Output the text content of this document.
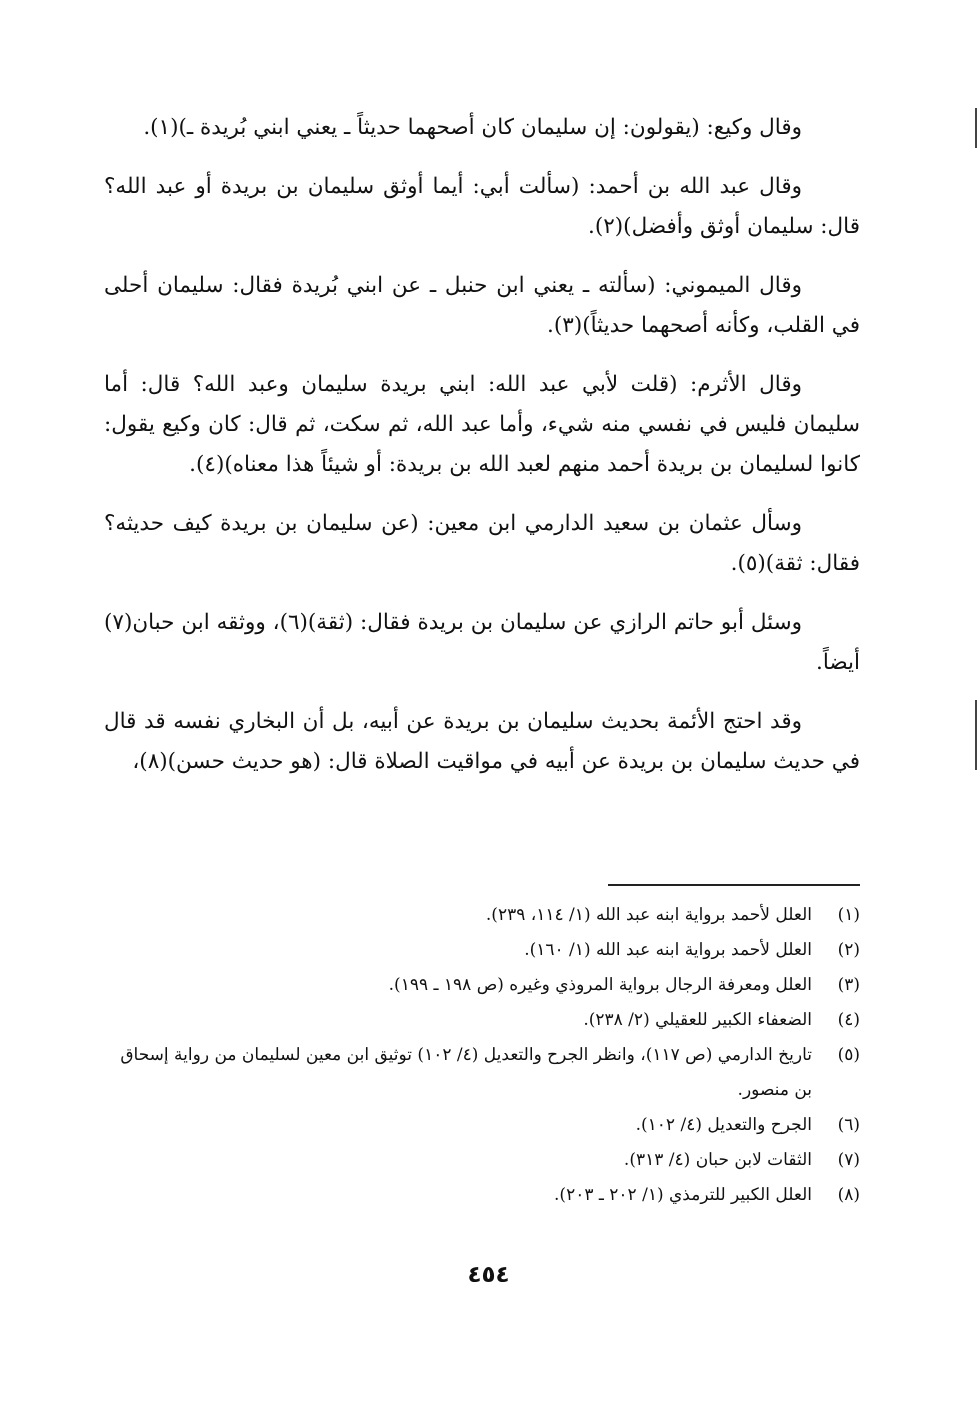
وقال وكيع: (يقولون: إن سليمان كان أصحهما حديثاً ـ يعني ابني بُريدة ـ)(١).

وقال عبد الله بن أحمد: (سألت أبي: أيما أوثق سليمان بن بريدة أو عبد الله؟ قال: سليمان أوثق وأفضل)(٢).

وقال الميموني: (سألته ـ يعني ابن حنبل ـ عن ابني بُريدة فقال: سليمان أحلى في القلب، وكأنه أصحهما حديثاً)(٣).

وقال الأثرم: (قلت لأبي عبد الله: ابني بريدة سليمان وعبد الله؟ قال: أما سليمان فليس في نفسي منه شيء، وأما عبد الله، ثم سكت، ثم قال: كان وكيع يقول: كانوا لسليمان بن بريدة أحمد منهم لعبد الله بن بريدة: أو شيئاً هذا معناه)(٤).

وسأل عثمان بن سعيد الدارمي ابن معين: (عن سليمان بن بريدة كيف حديثه؟ فقال: ثقة)(٥).

وسئل أبو حاتم الرازي عن سليمان بن بريدة فقال: (ثقة)(٦)، ووثقه ابن حبان(٧) أيضاً.

وقد احتج الأئمة بحديث سليمان بن بريدة عن أبيه، بل أن البخاري نفسه قد قال في حديث سليمان بن بريدة عن أبيه في مواقيت الصلاة قال: (هو حديث حسن)(٨)،

(١)
العلل لأحمد برواية ابنه عبد الله (١/ ١١٤، ٢٣٩).
(٢)
العلل لأحمد برواية ابنه عبد الله (١/ ١٦٠).
(٣)
العلل ومعرفة الرجال برواية المروذي وغيره (ص ١٩٨ ـ ١٩٩).
(٤)
الضعفاء الكبير للعقيلي (٢/ ٢٣٨).
(٥)
تاريخ الدارمي (ص ١١٧)، وانظر الجرح والتعديل (٤/ ١٠٢) توثيق ابن معين لسليمان من رواية إسحاق بن منصور.
(٦)
الجرح والتعديل (٤/ ١٠٢).
(٧)
الثقات لابن حبان (٤/ ٣١٣).
(٨)
العلل الكبير للترمذي (١/ ٢٠٢ ـ ٢٠٣).
٤٥٤
